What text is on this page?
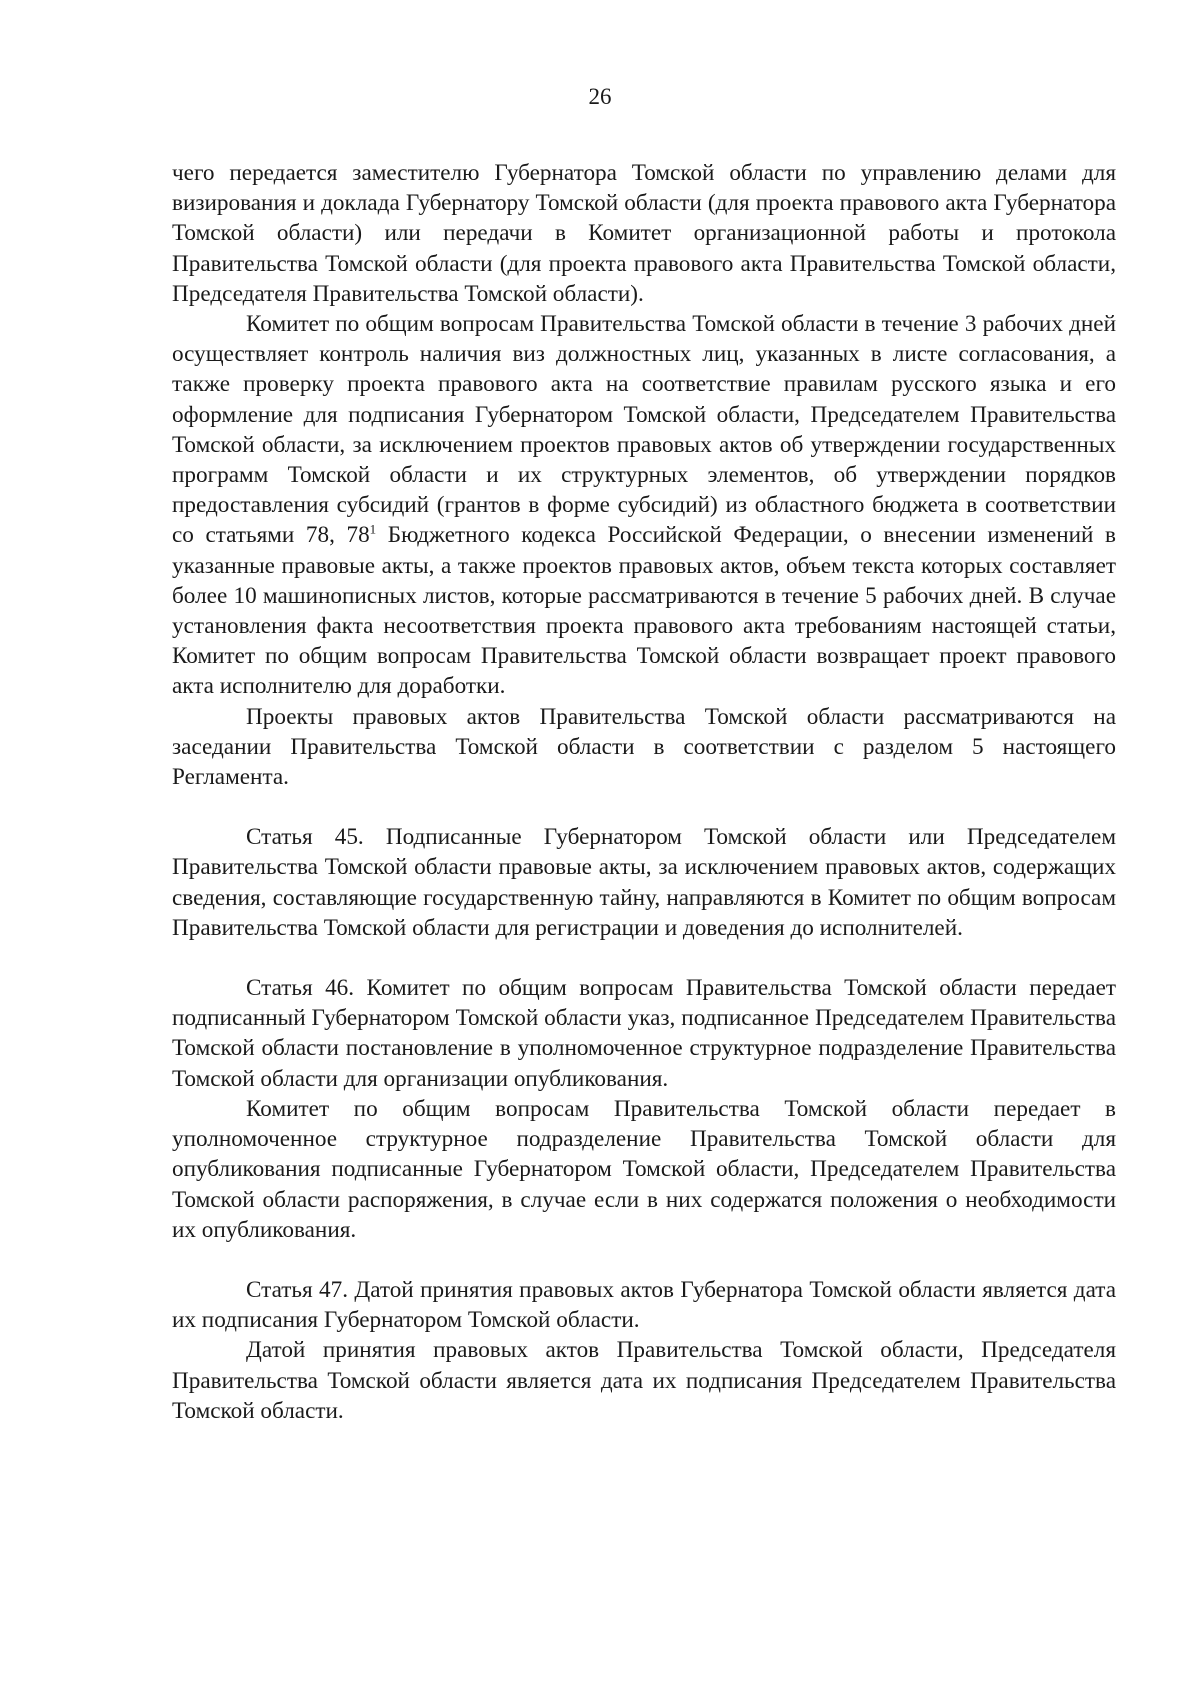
26

чего передается заместителю Губернатора Томской области по управлению делами для визирования и доклада Губернатору Томской области (для проекта правового акта Губернатора Томской области) или передачи в Комитет организационной работы и протокола Правительства Томской области (для проекта правового акта Правительства Томской области, Председателя Правительства Томской области).

Комитет по общим вопросам Правительства Томской области в течение 3 рабочих дней осуществляет контроль наличия виз должностных лиц, указанных в листе согласования, а также проверку проекта правового акта на соответствие правилам русского языка и его оформление для подписания Губернатором Томской области, Председателем Правительства Томской области, за исключением проектов правовых актов об утверждении государственных программ Томской области и их структурных элементов, об утверждении порядков предоставления субсидий (грантов в форме субсидий) из областного бюджета в соответствии со статьями 78, $78^1$ Бюджетного кодекса Российской Федерации, о внесении изменений в указанные правовые акты, а также проектов правовых актов, объем текста которых составляет более 10 машинописных листов, которые рассматриваются в течение 5 рабочих дней. В случае установления факта несоответствия проекта правового акта требованиям настоящей статьи, Комитет по общим вопросам Правительства Томской области возвращает проект правового акта исполнителю для доработки.

Проекты правовых актов Правительства Томской области рассматриваются на заседании Правительства Томской области в соответствии с разделом 5 настоящего Регламента.

Статья 45. Подписанные Губернатором Томской области или Председателем Правительства Томской области правовые акты, за исключением правовых актов, содержащих сведения, составляющие государственную тайну, направляются в Комитет по общим вопросам Правительства Томской области для регистрации и доведения до исполнителей.

Статья 46. Комитет по общим вопросам Правительства Томской области передает подписанный Губернатором Томской области указ, подписанное Председателем Правительства Томской области постановление в уполномоченное структурное подразделение Правительства Томской области для организации опубликования.

Комитет по общим вопросам Правительства Томской области передает в уполномоченное структурное подразделение Правительства Томской области для опубликования подписанные Губернатором Томской области, Председателем Правительства Томской области распоряжения, в случае если в них содержатся положения о необходимости их опубликования.

Статья 47. Датой принятия правовых актов Губернатора Томской области является дата их подписания Губернатором Томской области.

Датой принятия правовых актов Правительства Томской области, Председателя Правительства Томской области является дата их подписания Председателем Правительства Томской области.
